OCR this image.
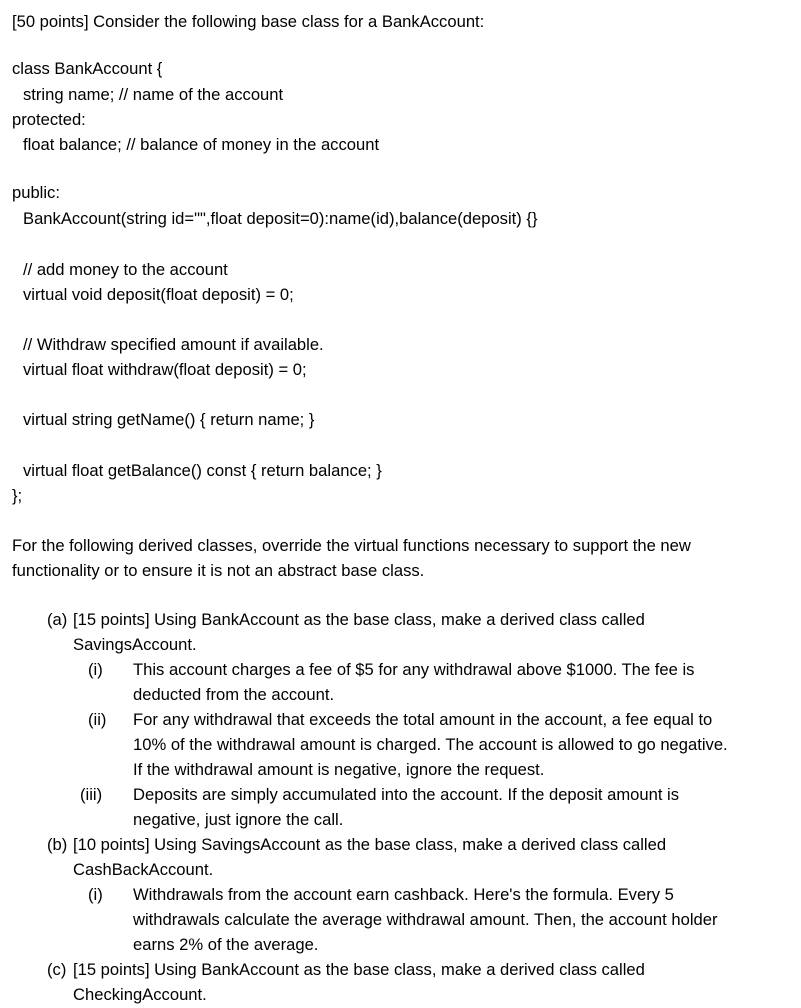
[50 points] Consider the following base class for a BankAccount:
class BankAccount {
string name; // name of the account
protected:
float balance; // balance of money in the account
public:
BankAccount(string id="",float deposit=0):name(id),balance(deposit) {}
// add money to the account
virtual void deposit(float deposit) = 0;
// Withdraw specified amount if available.
virtual float withdraw(float deposit) = 0;
virtual string getName() { return name; }
virtual float getBalance() const { return balance; }
};
For the following derived classes, override the virtual functions necessary to support the new
functionality or to ensure it is not an abstract base class.
(a) [15 points] Using BankAccount as the base class, make a derived class called
SavingsAccount.
(i) This account charges a fee of $5 for any withdrawal above $1000. The fee is
deducted from the account.
(ii) For any withdrawal that exceeds the total amount in the account, a fee equal to
10% of the withdrawal amount is charged. The account is allowed to go negative.
If the withdrawal amount is negative, ignore the request.
(iii) Deposits are simply accumulated into the account. If the deposit amount is
negative, just ignore the call.
(b) [10 points] Using SavingsAccount as the base class, make a derived class called
CashBackAccount.
(i) Withdrawals from the account earn cashback. Here's the formula. Every 5
withdrawals calculate the average withdrawal amount. Then, the account holder
earns 2% of the average.
(c) [15 points] Using BankAccount as the base class, make a derived class called
CheckingAccount.
